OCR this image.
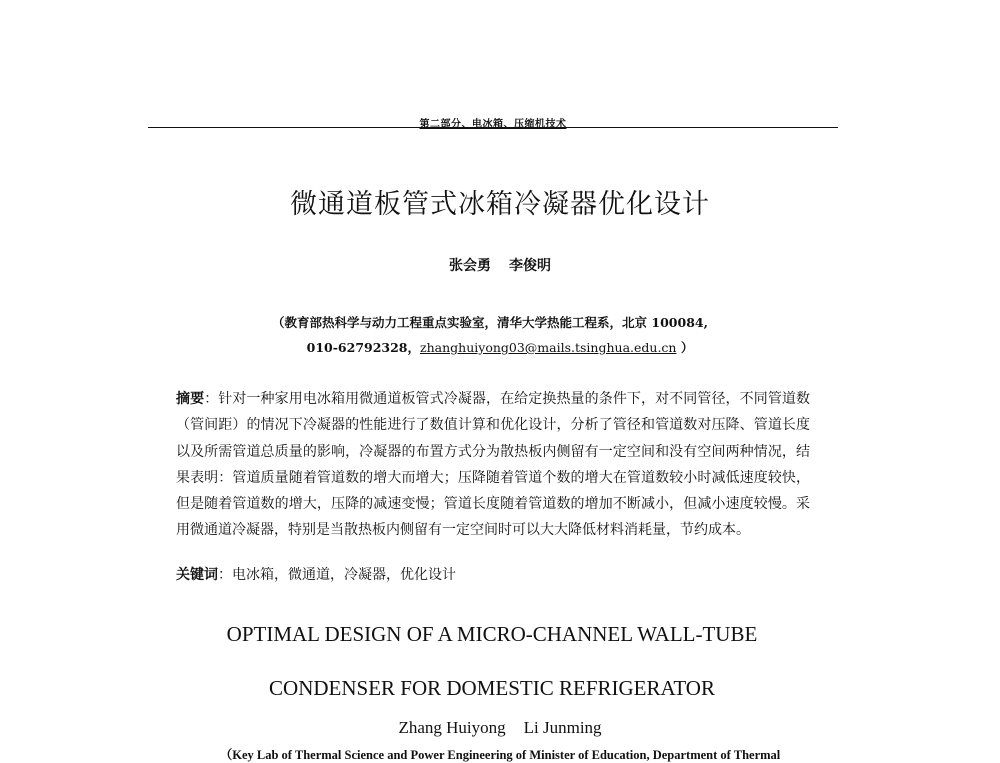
第二部分、电冰箱、压缩机技术
微通道板管式冰箱冷凝器优化设计
张会勇 李俊明
（教育部热科学与动力工程重点实验室，清华大学热能工程系，北京 100084,
010-62792328，zhanghuiyong03@mails.tsinghua.edu.cn ）
摘要：针对一种家用电冰箱用微通道板管式冷凝器，在给定换热量的条件下，对不同管径，不同管道数（管间距）的情况下冷凝器的性能进行了数值计算和优化设计，分析了管径和管道数对压降、管道长度以及所需管道总质量的影响，冷凝器的布置方式分为散热板内侧留有一定空间和没有空间两种情况，结果表明：管道质量随着管道数的增大而增大；压降随着管道个数的增大在管道数较小时减低速度较快，但是随着管道数的增大，压降的减速变慢；管道长度随着管道数的增加不断减小，但减小速度较慢。采用微通道冷凝器，特别是当散热板内侧留有一定空间时可以大大降低材料消耗量，节约成本。
关键词：电冰箱，微通道，冷凝器，优化设计
OPTIMAL DESIGN OF A MICRO-CHANNEL WALL-TUBE
CONDENSER FOR DOMESTIC REFRIGERATOR
Zhang Huiyong Li Junming
（Key Lab of Thermal Science and Power Engineering of Minister of Education, Department of Thermal
